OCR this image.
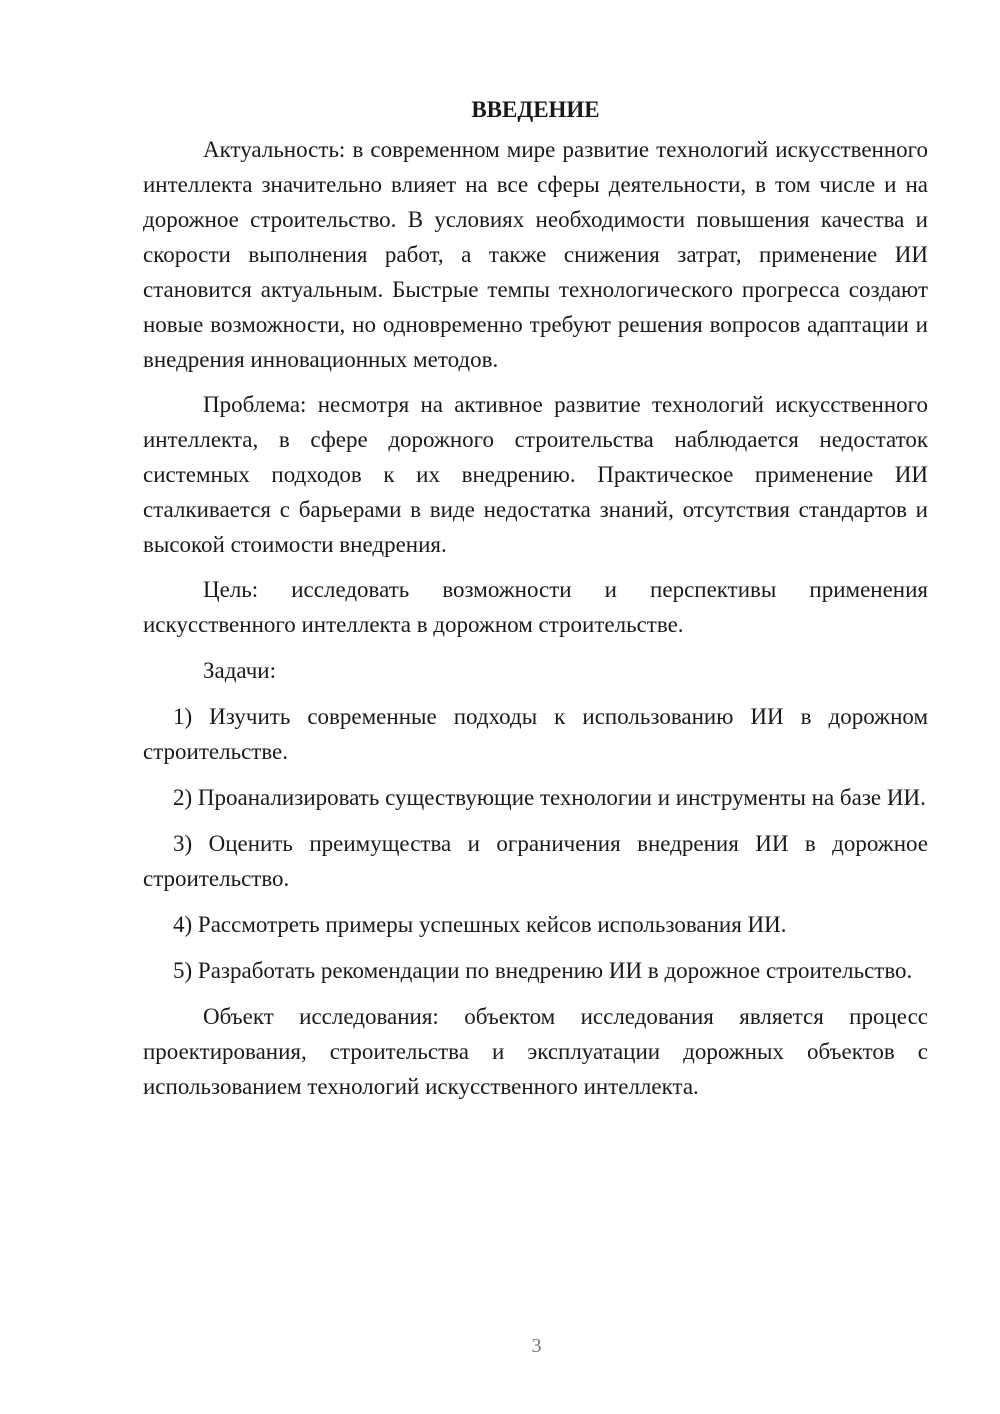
ВВЕДЕНИЕ

Актуальность: в современном мире развитие технологий искусственного интеллекта значительно влияет на все сферы деятельности, в том числе и на дорожное строительство. В условиях необходимости повышения качества и скорости выполнения работ, а также снижения затрат, применение ИИ становится актуальным. Быстрые темпы технологического прогресса создают новые возможности, но одновременно требуют решения вопросов адаптации и внедрения инновационных методов.

Проблема: несмотря на активное развитие технологий искусственного интеллекта, в сфере дорожного строительства наблюдается недостаток системных подходов к их внедрению. Практическое применение ИИ сталкивается с барьерами в виде недостатка знаний, отсутствия стандартов и высокой стоимости внедрения.

Цель: исследовать возможности и перспективы применения искусственного интеллекта в дорожном строительстве.

Задачи:

1) Изучить современные подходы к использованию ИИ в дорожном строительстве.

2) Проанализировать существующие технологии и инструменты на базе ИИ.

3) Оценить преимущества и ограничения внедрения ИИ в дорожное строительство.

4) Рассмотреть примеры успешных кейсов использования ИИ.

5) Разработать рекомендации по внедрению ИИ в дорожное строительство.

Объект исследования: объектом исследования является процесс проектирования, строительства и эксплуатации дорожных объектов с использованием технологий искусственного интеллекта.

3
